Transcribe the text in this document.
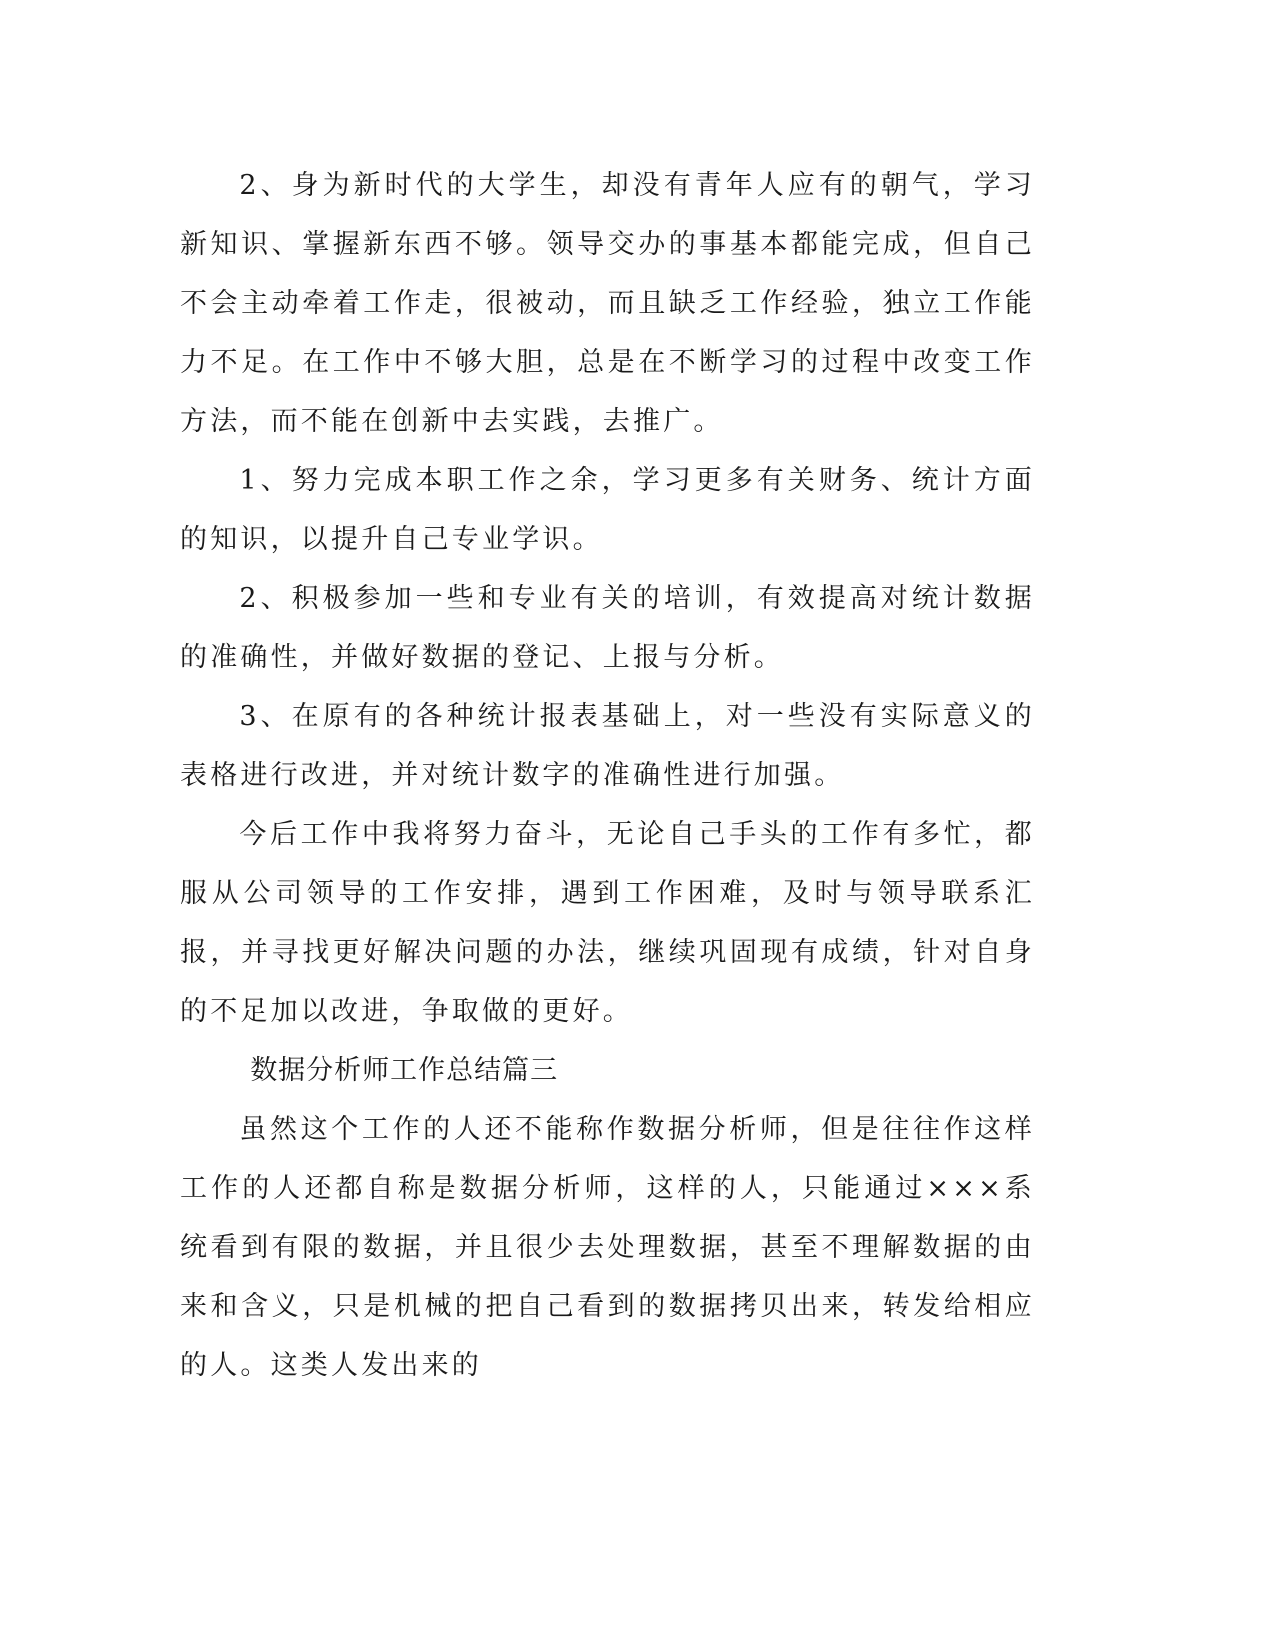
2、身为新时代的大学生，却没有青年人应有的朝气，学习新知识、掌握新东西不够。领导交办的事基本都能完成，但自己不会主动牵着工作走，很被动，而且缺乏工作经验，独立工作能力不足。在工作中不够大胆，总是在不断学习的过程中改变工作方法，而不能在创新中去实践，去推广。

1、努力完成本职工作之余，学习更多有关财务、统计方面的知识，以提升自己专业学识。

2、积极参加一些和专业有关的培训，有效提高对统计数据的准确性，并做好数据的登记、上报与分析。

3、在原有的各种统计报表基础上，对一些没有实际意义的表格进行改进，并对统计数字的准确性进行加强。

今后工作中我将努力奋斗，无论自己手头的工作有多忙，都服从公司领导的工作安排，遇到工作困难，及时与领导联系汇报，并寻找更好解决问题的办法，继续巩固现有成绩，针对自身的不足加以改进，争取做的更好。

数据分析师工作总结篇三

虽然这个工作的人还不能称作数据分析师，但是往往作这样工作的人还都自称是数据分析师，这样的人，只能通过×××系统看到有限的数据，并且很少去处理数据，甚至不理解数据的由来和含义，只是机械的把自己看到的数据拷贝出来，转发给相应的人。这类人发出来的
